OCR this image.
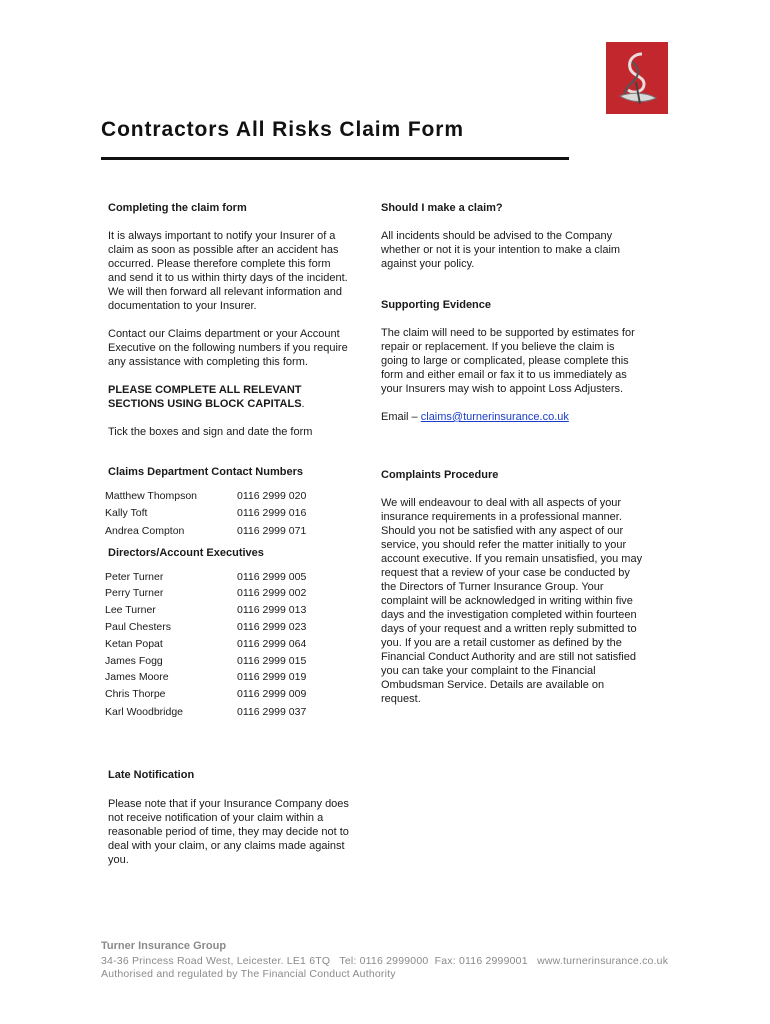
Contractors All Risks Claim Form
Completing the claim form
It is always important to notify your Insurer of a
claim as soon as possible after an accident has
occurred. Please therefore complete this form
and send it to us within thirty days of the incident.
We will then forward all relevant information and
documentation to your Insurer.
Contact our Claims department or your Account
Executive on the following numbers if you require
any assistance with completing this form.
PLEASE COMPLETE ALL RELEVANT
SECTIONS USING BLOCK CAPITALS.
Tick the boxes and sign and date the form
Should I make a claim?
All incidents should be advised to the Company
whether or not it is your intention to make a claim
against your policy.
Supporting Evidence
The claim will need to be supported by estimates for
repair or replacement. If you believe the claim is
going to large or complicated, please complete this
form and either email or fax it to us immediately as
your Insurers may wish to appoint Loss Adjusters.
Email – claims@turnerinsurance.co.uk
Claims Department Contact Numbers
Matthew Thompson	0116 2999 020
Kally Toft	0116 2999 016
Andrea Compton	0116 2999 071
Directors/Account Executives
Peter Turner	0116 2999 005
Perry Turner	0116 2999 002
Lee Turner	0116 2999 013
Paul Chesters	0116 2999 023
Ketan Popat	0116 2999 064
James Fogg	0116 2999 015
James Moore	0116 2999 019
Chris Thorpe	0116 2999 009
Karl Woodbridge	0116 2999 037
Complaints Procedure
We will endeavour to deal with all aspects of your
insurance requirements in a professional manner.
Should you not be satisfied with any aspect of our
service, you should refer the matter initially to your
account executive. If you remain unsatisfied, you may
request that a review of your case be conducted by
the Directors of Turner Insurance Group. Your
complaint will be acknowledged in writing within five
days and the investigation completed within fourteen
days of your request and a written reply submitted to
you. If you are a retail customer as defined by the
Financial Conduct Authority and are still not satisfied
you can take your complaint to the Financial
Ombudsman Service. Details are available on
request.
Late Notification
Please note that if your Insurance Company does
not receive notification of your claim within a
reasonable period of time, they may decide not to
deal with your claim, or any claims made against
you.
Turner Insurance Group
34-36 Princess Road West, Leicester. LE1 6TQ   Tel: 0116 2999000  Fax: 0116 2999001   www.turnerinsurance.co.uk
Authorised and regulated by The Financial Conduct Authority
